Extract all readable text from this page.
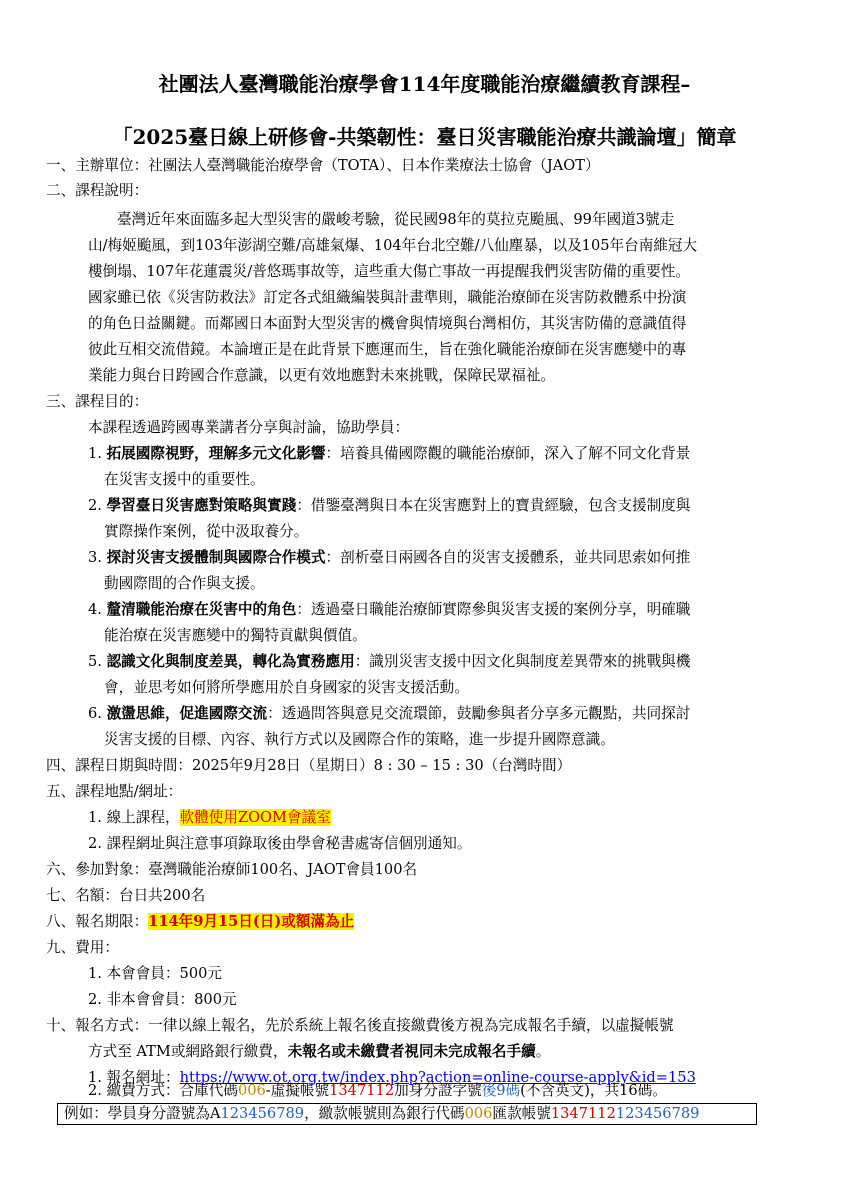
社團法人臺灣職能治療學會114年度職能治療繼續教育課程–
「2025臺日線上研修會-共築韌性：臺日災害職能治療共識論壇」簡章
一、主辦單位：社團法人臺灣職能治療學會（TOTA）、日本作業療法士協會（JAOT）
二、課程說明：
臺灣近年來面臨多起大型災害的嚴峻考驗，從民國98年的莫拉克颱風、99年國道3號走
山/梅姬颱風，到103年澎湖空難/高雄氣爆、104年台北空難/八仙塵暴，以及105年台南維冠大
樓倒塌、107年花蓮震災/普悠瑪事故等，這些重大傷亡事故一再提醒我們災害防備的重要性。
國家雖已依《災害防救法》訂定各式組織編裝與計畫準則，職能治療師在災害防救體系中扮演
的角色日益關鍵。而鄰國日本面對大型災害的機會與情境與台灣相仿，其災害防備的意識值得
彼此互相交流借鏡。本論壇正是在此背景下應運而生，旨在強化職能治療師在災害應變中的專
業能力與台日跨國合作意識，以更有效地應對未來挑戰，保障民眾福祉。
三、課程目的：
本課程透過跨國專業講者分享與討論，協助學員：
1. 拓展國際視野，理解多元文化影響：培養具備國際觀的職能治療師，深入了解不同文化背景
在災害支援中的重要性。
2. 學習臺日災害應對策略與實踐：借鑒臺灣與日本在災害應對上的寶貴經驗，包含支援制度與
實際操作案例，從中汲取養分。
3. 探討災害支援體制與國際合作模式：剖析臺日兩國各自的災害支援體系，並共同思索如何推
動國際間的合作與支援。
4. 釐清職能治療在災害中的角色：透過臺日職能治療師實際參與災害支援的案例分享，明確職
能治療在災害應變中的獨特貢獻與價值。
5. 認識文化與制度差異，轉化為實務應用：識別災害支援中因文化與制度差異帶來的挑戰與機
會，並思考如何將所學應用於自身國家的災害支援活動。
6. 激盪思維，促進國際交流：透過問答與意見交流環節，鼓勵參與者分享多元觀點，共同探討
災害支援的目標、內容、執行方式以及國際合作的策略，進一步提升國際意識。
四、課程日期與時間：2025年9月28日（星期日）8 : 30 – 15 : 30（台灣時間）
五、課程地點/網址：
1. 線上課程，軟體使用ZOOM會議室
2. 課程網址與注意事項錄取後由學會秘書處寄信個別通知。
六、參加對象：臺灣職能治療師100名、JAOT會員100名
七、名額：台日共200名
八、報名期限：114年9月15日(日)或額滿為止
九、費用：
1. 本會會員：500元
2. 非本會會員：800元
十、報名方式：一律以線上報名，先於系統上報名後直接繳費後方視為完成報名手續，以虛擬帳號
方式至 ATM或網路銀行繳費，未報名或未繳費者視同未完成報名手續。
1. 報名網址：https://www.ot.org.tw/index.php?action=online-course-apply&id=153
2. 繳費方式：合庫代碼006-虛擬帳號1347112加身分證字號後9碼(不含英文)，共16碼。
例如：學員身分證號為A123456789，繳款帳號則為銀行代碼006匯款帳號1347112123456789
